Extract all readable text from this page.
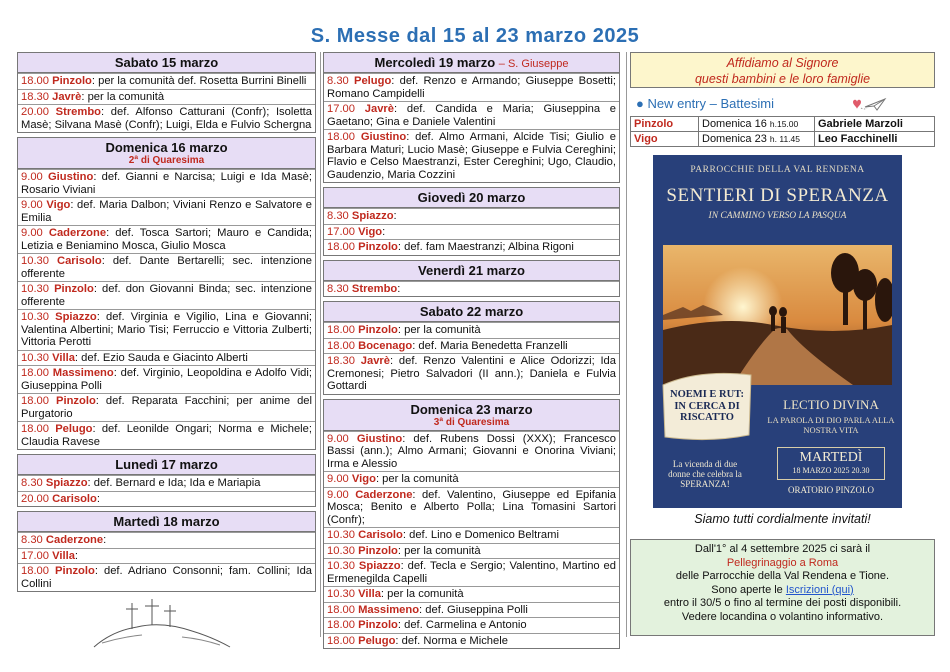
S. Messe dal 15 al 23 marzo 2025
Sabato 15 marzo
18.00 Pinzolo: per la comunità def. Rosetta Burrini Binelli
18.30 Javrè: per la comunità
20.00 Strembo: def. Alfonso Catturani (Confr); Isoletta Masè; Silvana Masè (Confr); Luigi, Elda e Fulvio Schergna
Domenica 16 marzo
2ª di Quaresima
9.00 Giustino: def. Gianni e Narcisa; Luigi e Ida Masè; Rosario Viviani
9.00 Vigo: def. Maria Dalbon; Viviani Renzo e Salvatore e Emilia
9.00 Caderzone: def. Tosca Sartori; Mauro e Candida; Letizia e Beniamino Mosca, Giulio Mosca
10.30 Carisolo: def. Dante Bertarelli; sec. intenzione offerente
10.30 Pinzolo: def. don Giovanni Binda; sec. intenzione offerente
10.30 Spiazzo: def. Virginia e Vigilio, Lina e Giovanni; Valentina Albertini; Mario Tisi; Ferruccio e Vittoria Zulberti; Vittoria Perotti
10.30 Villa: def. Ezio Sauda e Giacinto Alberti
18.00 Massimeno: def. Virginio, Leopoldina e Adolfo Vidi; Giuseppina Polli
18.00 Pinzolo: def. Reparata Facchini; per anime del Purgatorio
18.00 Pelugo: def. Leonilde Ongari; Norma e Michele; Claudia Ravese
Lunedì 17 marzo
8.30 Spiazzo: def. Bernard e Ida; Ida e Mariapia
20.00 Carisolo:
Martedì 18 marzo
8.30 Caderzone:
17.00 Villa:
18.00 Pinzolo: def. Adriano Consonni; fam. Collini; Ida Collini
Mercoledì 19 marzo – S. Giuseppe
8.30 Pelugo: def. Renzo e Armando; Giuseppe Bosetti; Romano Campidelli
17.00 Javrè: def. Candida e Maria; Giuseppina e Gaetano; Gina e Daniele Valentini
18.00 Giustino: def. Almo Armani, Alcide Tisi; Giulio e Barbara Maturi; Lucio Masè; Giuseppe e Fulvia Cereghini; Flavio e Celso Maestranzi, Ester Cereghini; Ugo, Claudio, Gaudenzio, Maria Cozzini
Giovedì 20 marzo
8.30 Spiazzo:
17.00 Vigo:
18.00 Pinzolo: def. fam Maestranzi; Albina Rigoni
Venerdì 21 marzo
8.30 Strembo:
Sabato 22 marzo
18.00 Pinzolo: per la comunità
18.00 Bocenago: def. Maria Benedetta Franzelli
18.30 Javrè: def. Renzo Valentini e Alice Odorizzi; Ida Cremonesi; Pietro Salvadori (II ann.); Daniela e Fulvia Gottardi
Domenica 23 marzo
3ª di Quaresima
9.00 Giustino: def. Rubens Dossi (XXX); Francesco Bassi (ann.); Almo Armani; Giovanni e Onorina Viviani; Irma e Alessio
9.00 Vigo: per la comunità
9.00 Caderzone: def. Valentino, Giuseppe ed Epifania Mosca; Benito e Alberto Polla; Lina Tomasini Sartori (Confr);
10.30 Carisolo: def. Lino e Domenico Beltrami
10.30 Pinzolo: per la comunità
10.30 Spiazzo: def. Tecla e Sergio; Valentino, Martino ed Ermenegilda Capelli
10.30 Villa: per la comunità
18.00 Massimeno: def. Giuseppina Polli
18.00 Pinzolo: def. Carmelina e Antonio
18.00 Pelugo: def. Norma e Michele
Affidiamo al Signore
questi bambini e le loro famiglie
● New entry – Battesimi
Pinzolo	Domenica 16 h.15.00	Gabriele Marzoli
Vigo	Domenica 23 h. 11.45	Leo Facchinelli
PARROCCHIE DELLA VAL RENDENA
SENTIERI DI SPERANZA
IN CAMMINO VERSO LA PASQUA
NOEMI E RUT: IN CERCA DI RISCATTO
LECTIO DIVINA
LA PAROLA DI DIO PARLA ALLA NOSTRA VITA
La vicenda di due donne che celebra la SPERANZA!
MARTEDÌ
18 MARZO 2025 20.30
ORATORIO PINZOLO
Siamo tutti cordialmente invitati!
Dall'1° al 4 settembre 2025 ci sarà il
Pellegrinaggio a Roma
delle Parrocchie della Val Rendena e Tione.
Sono aperte le Iscrizioni (qui)
entro il 30/5 o fino al termine dei posti disponibili.
Vedere locandina o volantino informativo.
